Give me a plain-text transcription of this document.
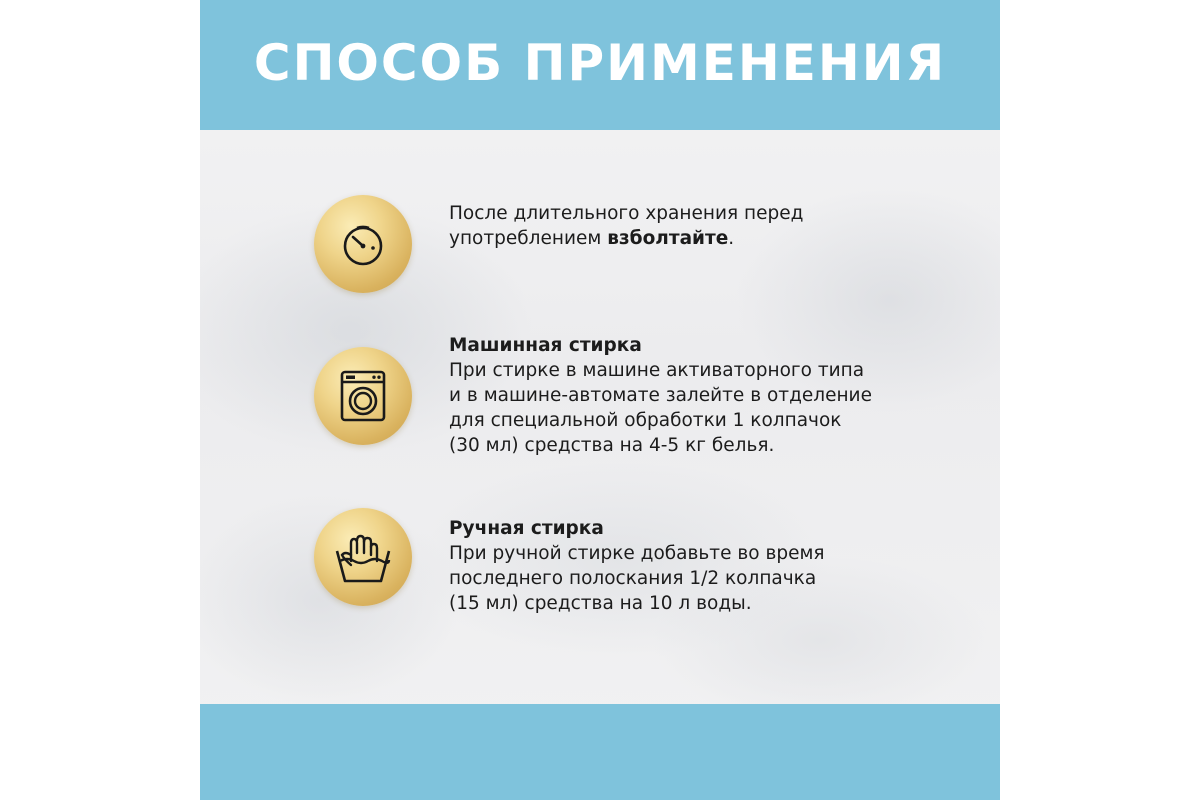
СПОСОБ ПРИМЕНЕНИЯ
После длительного хранения перед
употреблением взболтайте.
Машинная стирка
При стирке в машине активаторного типа
и в машине-автомате залейте в отделение
для специальной обработки 1 колпачок
(30 мл) средства на 4-5 кг белья.
Ручная стирка
При ручной стирке добавьте во время
последнего полоскания 1/2 колпачка
(15 мл) средства на 10 л воды.
